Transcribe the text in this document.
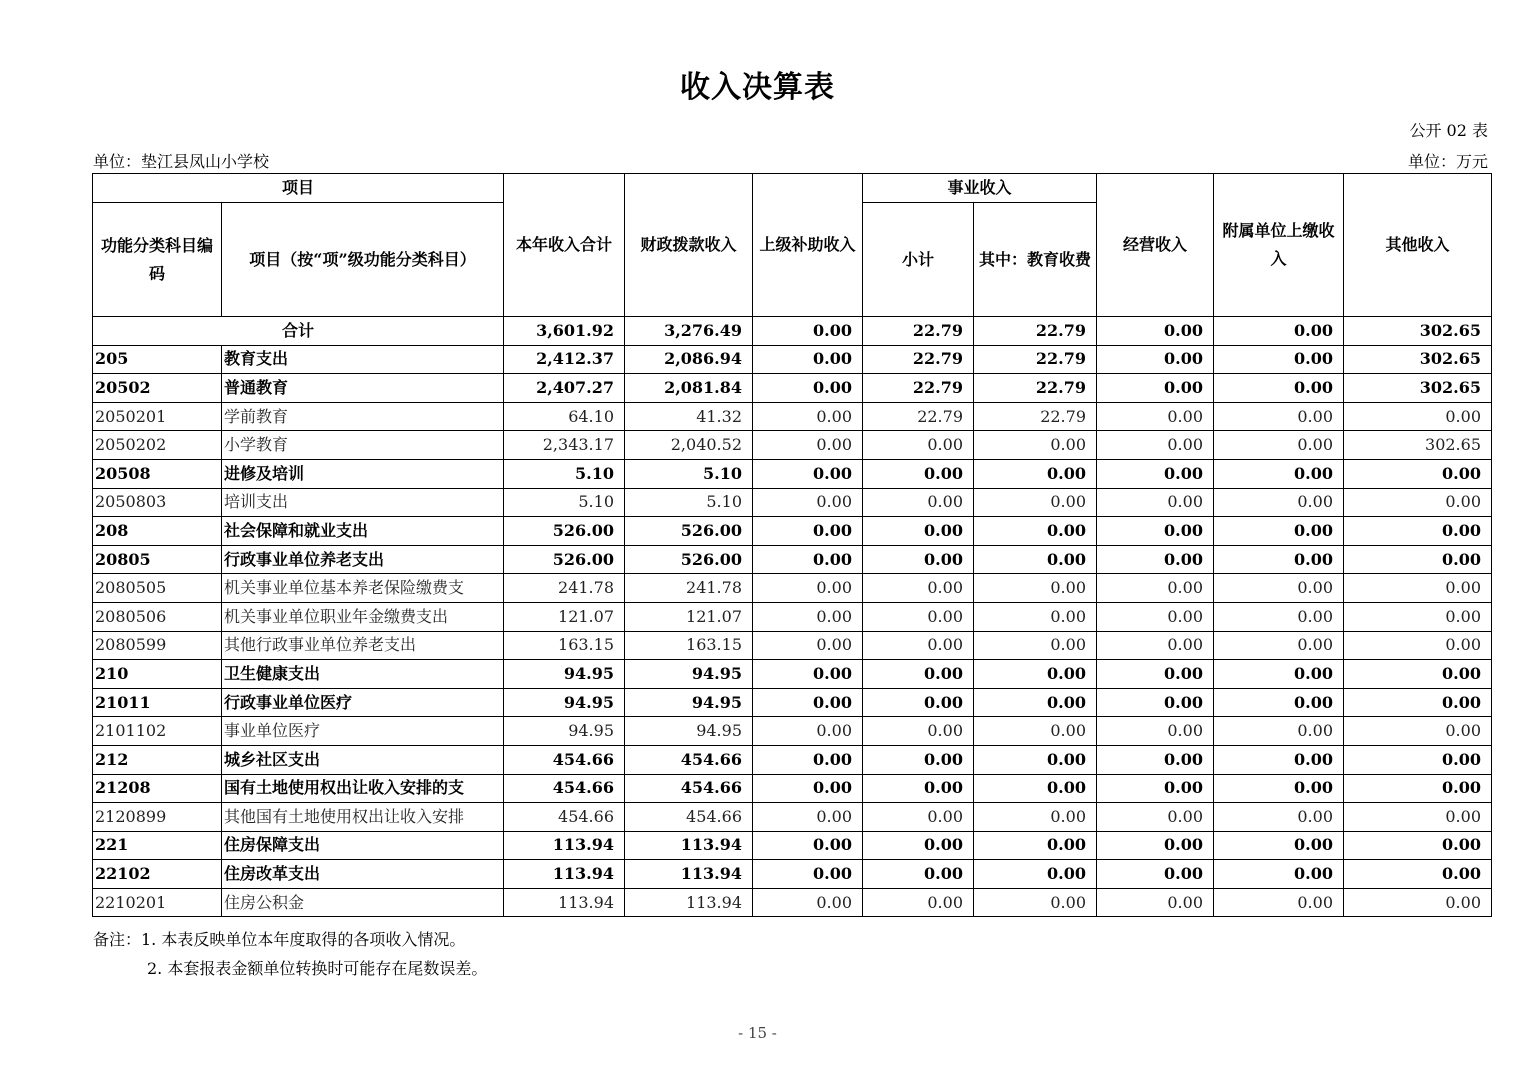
收入决算表
公开 02 表
单位：垫江县凤山小学校	单位：万元
项目		本年收入合计	财政拨款收入	上级补助收入	事业收入		经营收入	附属单位上缴收入	其他收入
功能分类科目编码	项目（按“项”级功能分类科目）				小计	其中：教育收费			
合计		3,601.92	3,276.49	0.00	22.79	22.79	0.00	0.00	302.65
205	教育支出	2,412.37	2,086.94	0.00	22.79	22.79	0.00	0.00	302.65
20502	普通教育	2,407.27	2,081.84	0.00	22.79	22.79	0.00	0.00	302.65
2050201	学前教育	64.10	41.32	0.00	22.79	22.79	0.00	0.00	0.00
2050202	小学教育	2,343.17	2,040.52	0.00	0.00	0.00	0.00	0.00	302.65
20508	进修及培训	5.10	5.10	0.00	0.00	0.00	0.00	0.00	0.00
2050803	培训支出	5.10	5.10	0.00	0.00	0.00	0.00	0.00	0.00
208	社会保障和就业支出	526.00	526.00	0.00	0.00	0.00	0.00	0.00	0.00
20805	行政事业单位养老支出	526.00	526.00	0.00	0.00	0.00	0.00	0.00	0.00
2080505	机关事业单位基本养老保险缴费支	241.78	241.78	0.00	0.00	0.00	0.00	0.00	0.00
2080506	机关事业单位职业年金缴费支出	121.07	121.07	0.00	0.00	0.00	0.00	0.00	0.00
2080599	其他行政事业单位养老支出	163.15	163.15	0.00	0.00	0.00	0.00	0.00	0.00
210	卫生健康支出	94.95	94.95	0.00	0.00	0.00	0.00	0.00	0.00
21011	行政事业单位医疗	94.95	94.95	0.00	0.00	0.00	0.00	0.00	0.00
2101102	事业单位医疗	94.95	94.95	0.00	0.00	0.00	0.00	0.00	0.00
212	城乡社区支出	454.66	454.66	0.00	0.00	0.00	0.00	0.00	0.00
21208	国有土地使用权出让收入安排的支	454.66	454.66	0.00	0.00	0.00	0.00	0.00	0.00
2120899	其他国有土地使用权出让收入安排	454.66	454.66	0.00	0.00	0.00	0.00	0.00	0.00
221	住房保障支出	113.94	113.94	0.00	0.00	0.00	0.00	0.00	0.00
22102	住房改革支出	113.94	113.94	0.00	0.00	0.00	0.00	0.00	0.00
2210201	住房公积金	113.94	113.94	0.00	0.00	0.00	0.00	0.00	0.00
备注：1. 本表反映单位本年度取得的各项收入情况。
2. 本套报表金额单位转换时可能存在尾数误差。
- 15 -
